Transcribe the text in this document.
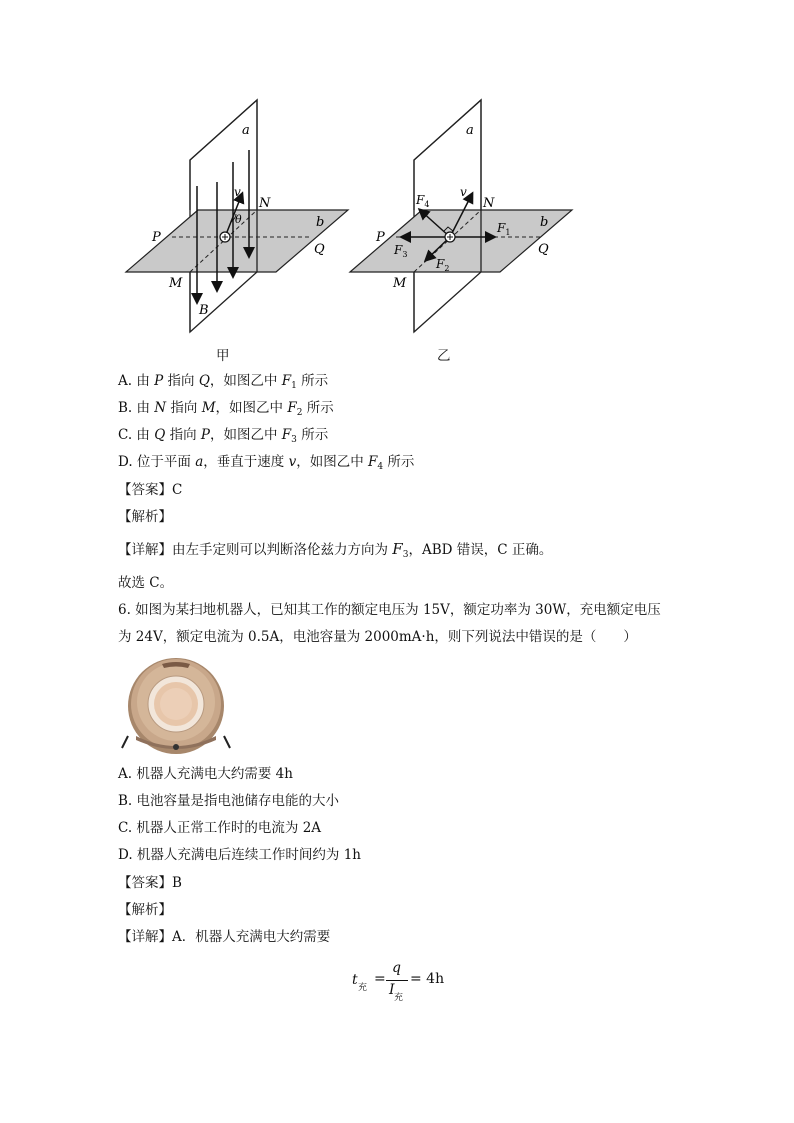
a
N
b
P
Q
M
B
v
θ
甲
a
N
b
P
Q
M
v
$F_4$
$F_1$
$F_3$
$F_2$
乙
A. 由 P 指向 Q，如图乙中 $F_1$ 所示
B. 由 N 指向 M，如图乙中 $F_2$ 所示
C. 由 Q 指向 P，如图乙中 $F_3$ 所示
D. 位于平面 a，垂直于速度 v，如图乙中 $F_4$ 所示
【答案】C
【解析】
【详解】由左手定则可以判断洛伦兹力方向为 $F_3$，ABD 错误，C 正确。
故选 C。
6. 如图为某扫地机器人，已知其工作的额定电压为 15V，额定功率为 30W，充电额定电压
为 24V，额定电流为 0.5A，电池容量为 2000mA·h，则下列说法中错误的是（　　）
A. 机器人充满电大约需要 4h
B. 电池容量是指电池储存电能的大小
C. 机器人正常工作时的电流为 2A
D. 机器人充满电后连续工作时间约为 1h
【答案】B
【解析】
【详解】A．机器人充满电大约需要
t 充
=
q
I 充
= 4h
